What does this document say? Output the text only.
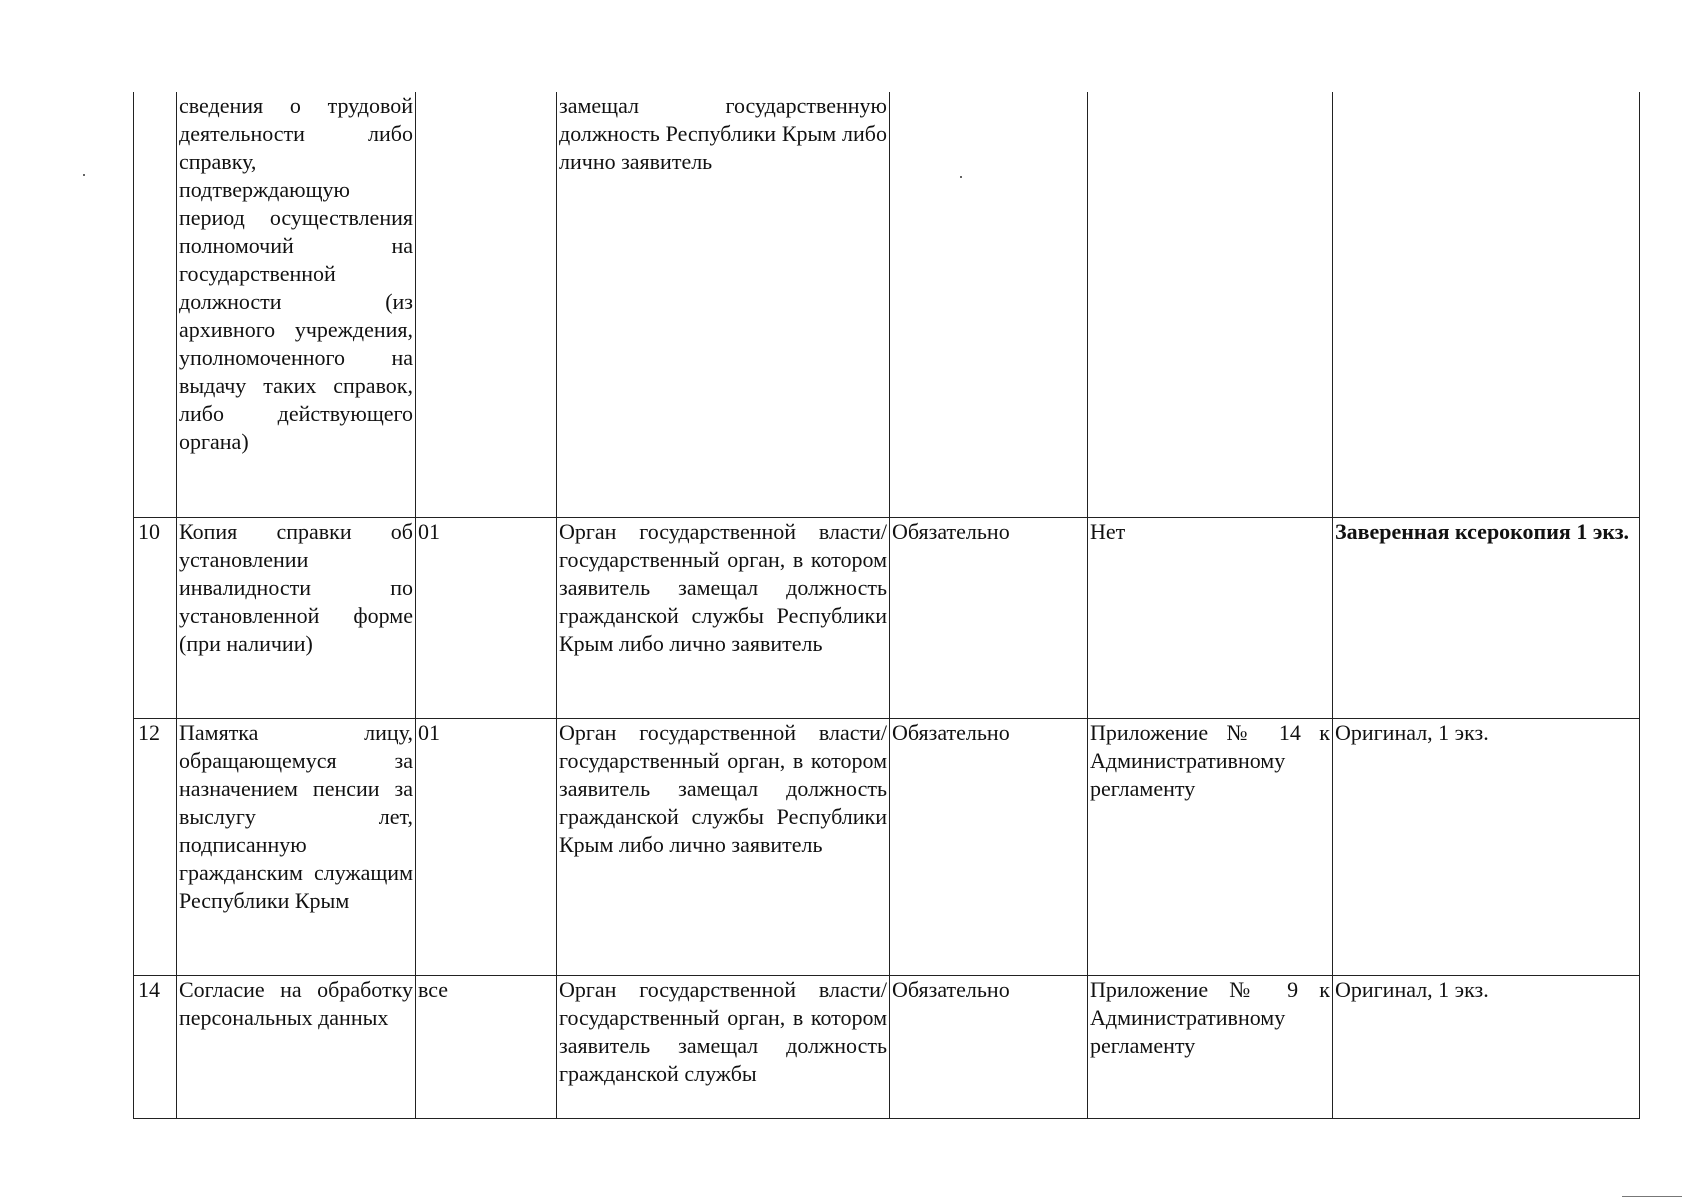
	сведения о трудовой деятельности либо справку, подтверждающую период осуществления полномочий на государственной должности (из архивного учреждения, уполномоченного на выдачу таких справок, либо действующего органа)		замещал государственную должность Республики Крым либо лично заявитель			
10	Копия справки об установлении инвалидности по установленной форме (при наличии)	01	Орган государственной власти/государственный орган, в котором заявитель замещал должность гражданской службы Республики Крым либо лично заявитель	Обязательно	Нет	Заверенная ксерокопия 1 экз.
12	Памятка лицу, обращающемуся за назначением пенсии за выслугу лет, подписанную гражданским служащим Республики Крым	01	Орган государственной власти/государственный орган, в котором заявитель замещал должность гражданской службы Республики Крым либо лично заявитель	Обязательно	Приложение № 14 к Административному регламенту	Оригинал, 1 экз.
14	Согласие на обработку персональных данных	все	Орган государственной власти/государственный орган, в котором заявитель замещал должность гражданской службы	Обязательно	Приложение № 9 к Административному регламенту	Оригинал, 1 экз.
